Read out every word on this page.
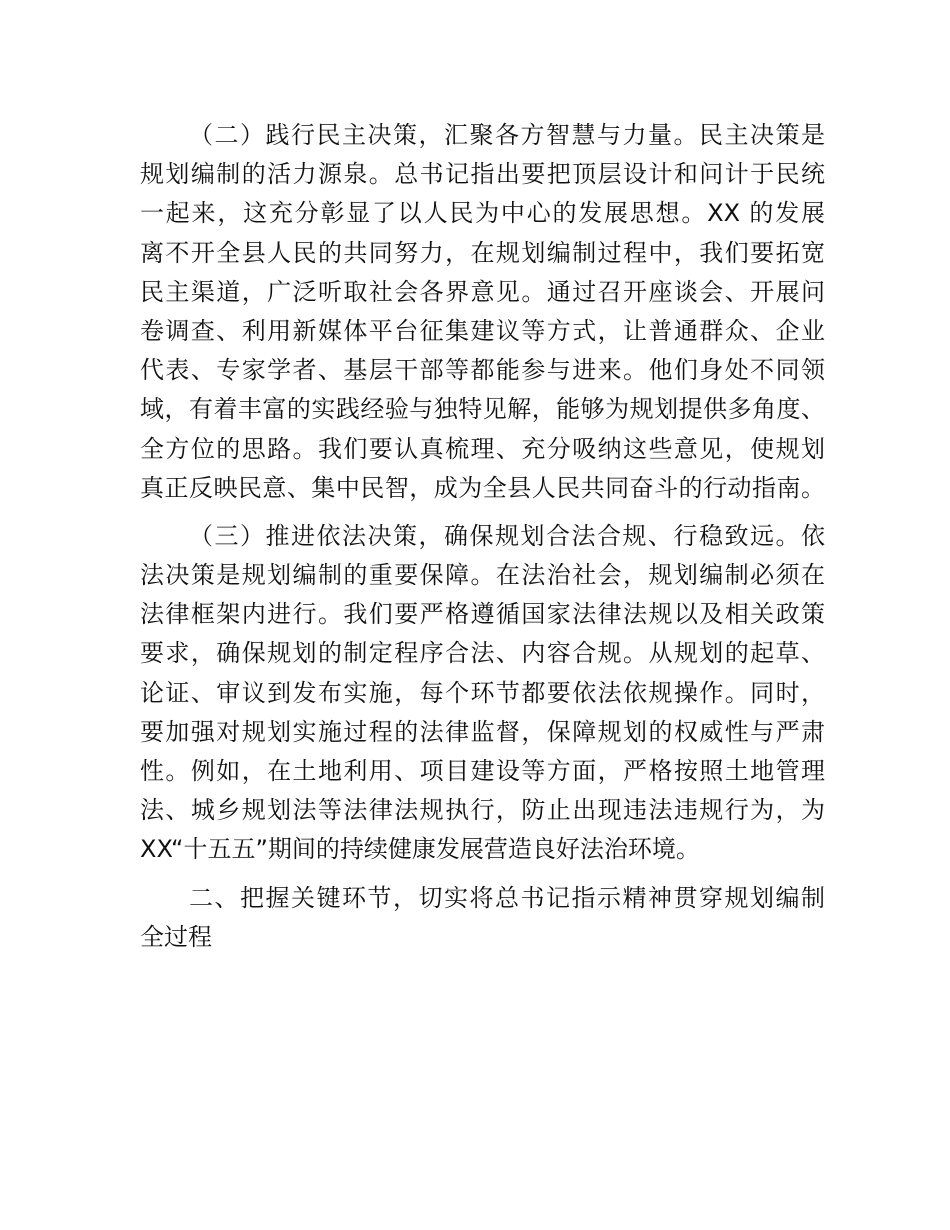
（二）践行民主决策，汇聚各方智慧与力量。民主决策是
规划编制的活力源泉。总书记指出要把顶层设计和问计于民统
一起来，这充分彰显了以人民为中心的发展思想。XX 的发展
离不开全县人民的共同努力，在规划编制过程中，我们要拓宽
民主渠道，广泛听取社会各界意见。通过召开座谈会、开展问
卷调查、利用新媒体平台征集建议等方式，让普通群众、企业
代表、专家学者、基层干部等都能参与进来。他们身处不同领
域，有着丰富的实践经验与独特见解，能够为规划提供多角度、
全方位的思路。我们要认真梳理、充分吸纳这些意见，使规划
真正反映民意、集中民智，成为全县人民共同奋斗的行动指南。
（三）推进依法决策，确保规划合法合规、行稳致远。依
法决策是规划编制的重要保障。在法治社会，规划编制必须在
法律框架内进行。我们要严格遵循国家法律法规以及相关政策
要求，确保规划的制定程序合法、内容合规。从规划的起草、
论证、审议到发布实施，每个环节都要依法依规操作。同时，
要加强对规划实施过程的法律监督，保障规划的权威性与严肃
性。例如，在土地利用、项目建设等方面，严格按照土地管理
法、城乡规划法等法律法规执行，防止出现违法违规行为，为
XX“十五五”期间的持续健康发展营造良好法治环境。
二、把握关键环节，切实将总书记指示精神贯穿规划编制
全过程
